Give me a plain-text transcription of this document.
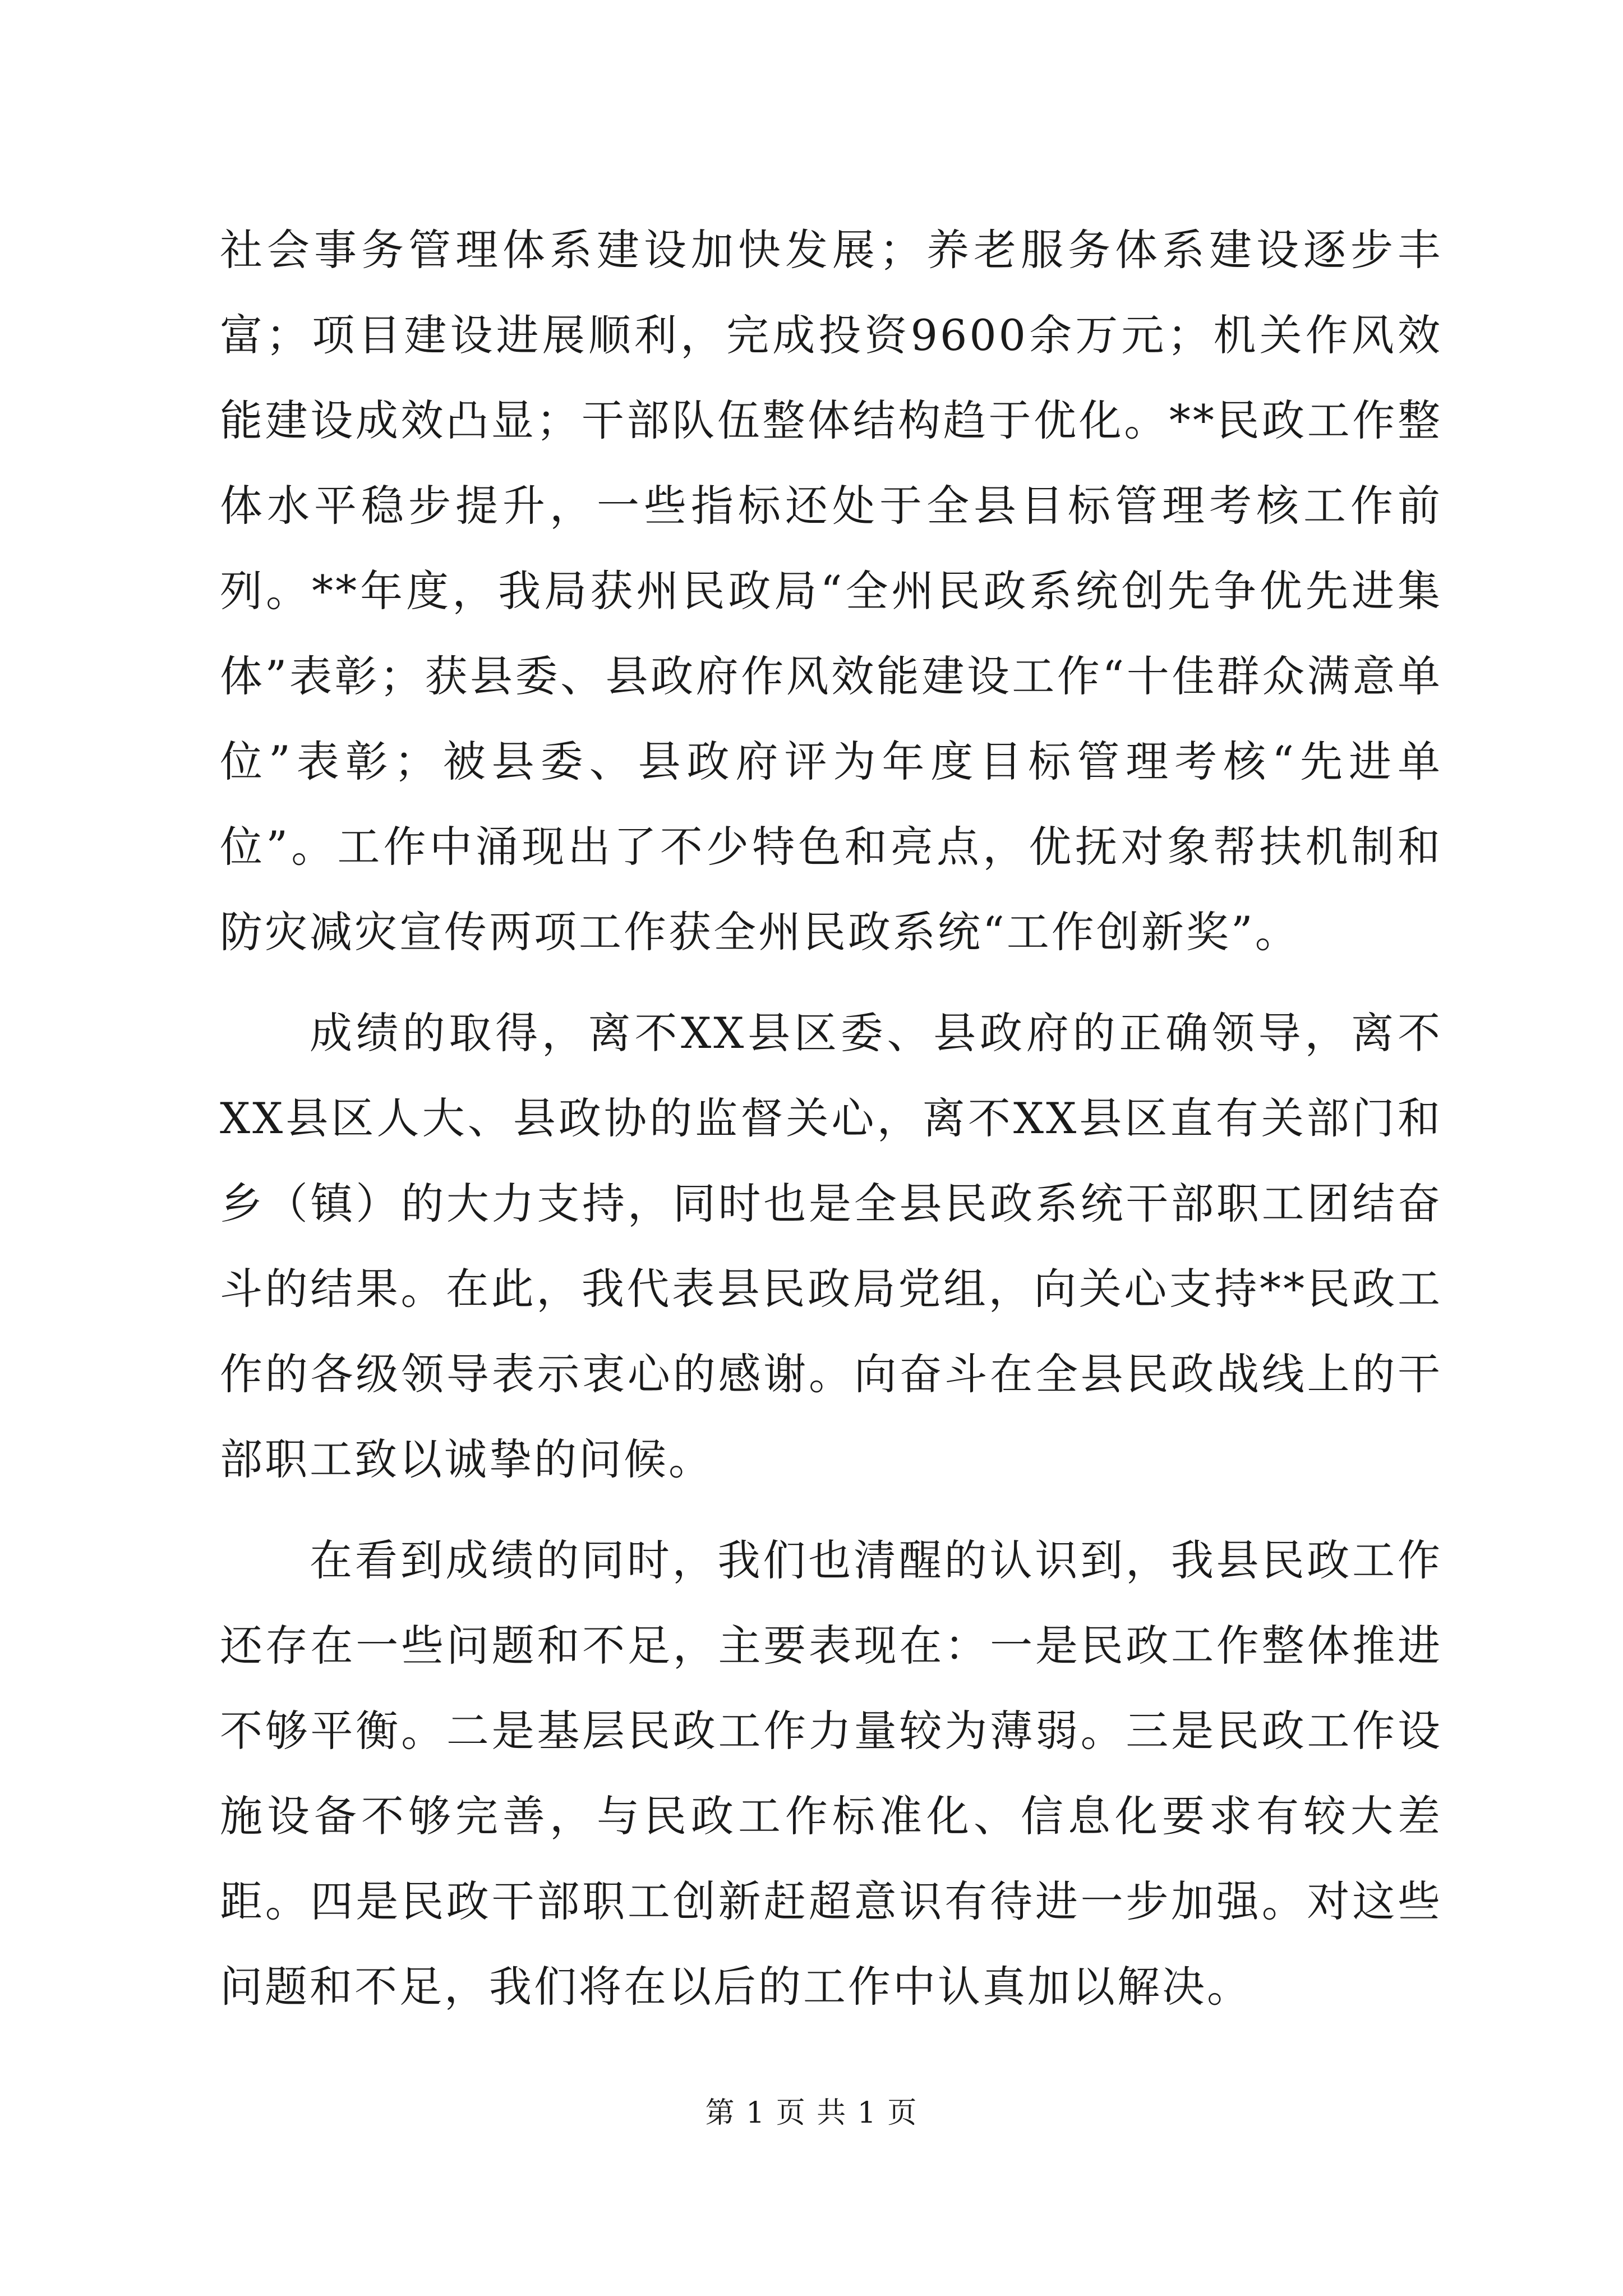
社会事务管理体系建设加快发展；养老服务体系建设逐步丰富；项目建设进展顺利，完成投资9600余万元；机关作风效能建设成效凸显；干部队伍整体结构趋于优化。**民政工作整体水平稳步提升，一些指标还处于全县目标管理考核工作前列。**年度，我局获州民政局“全州民政系统创先争优先进集体”表彰；获县委、县政府作风效能建设工作“十佳群众满意单位”表彰；被县委、县政府评为年度目标管理考核“先进单位”。工作中涌现出了不少特色和亮点，优抚对象帮扶机制和防灾减灾宣传两项工作获全州民政系统“工作创新奖”。

成绩的取得，离不XX县区委、县政府的正确领导，离不XX县区人大、县政协的监督关心，离不XX县区直有关部门和乡（镇）的大力支持，同时也是全县民政系统干部职工团结奋斗的结果。在此，我代表县民政局党组，向关心支持**民政工作的各级领导表示衷心的感谢。向奋斗在全县民政战线上的干部职工致以诚挚的问候。

在看到成绩的同时，我们也清醒的认识到，我县民政工作还存在一些问题和不足，主要表现在：一是民政工作整体推进不够平衡。二是基层民政工作力量较为薄弱。三是民政工作设施设备不够完善，与民政工作标准化、信息化要求有较大差距。四是民政干部职工创新赶超意识有待进一步加强。对这些问题和不足，我们将在以后的工作中认真加以解决。

第 1 页 共 1 页
